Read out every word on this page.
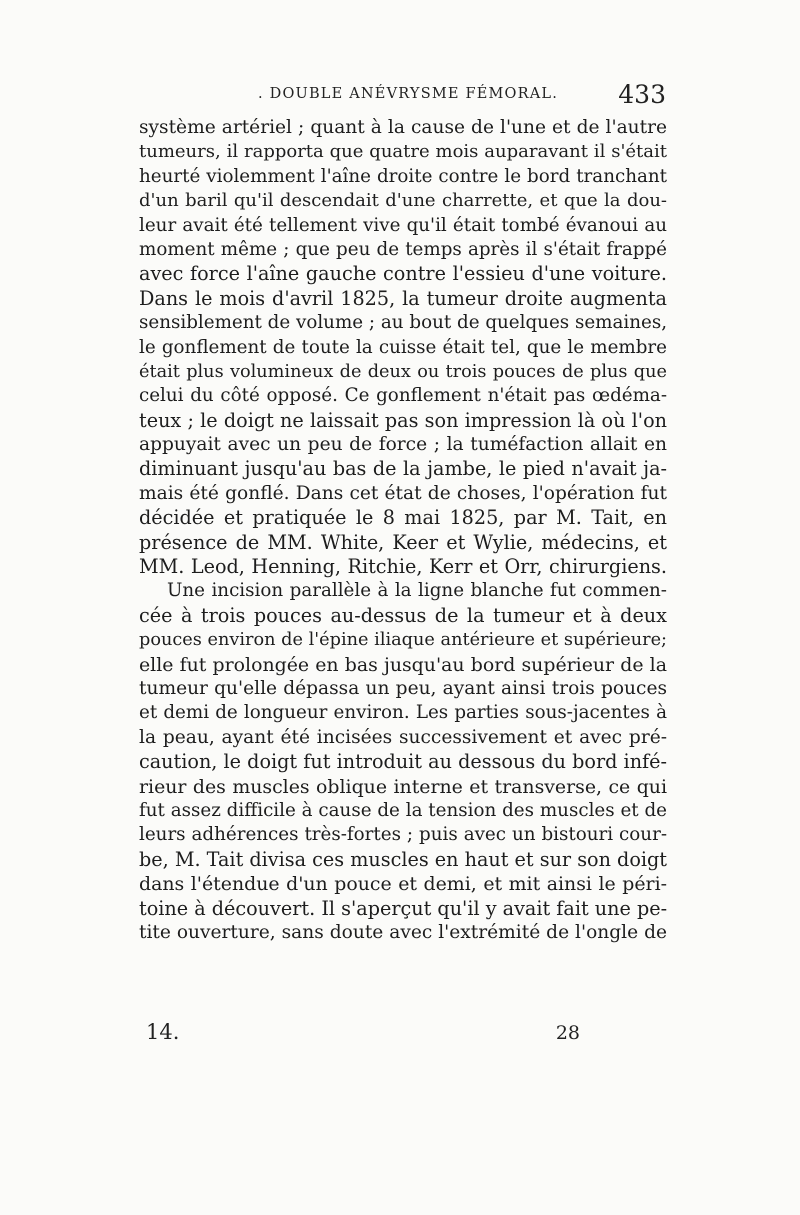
. DOUBLE ANÉVRYSME FÉMORAL. 433
système artériel ; quant à la cause de l'une et de l'autre
tumeurs, il rapporta que quatre mois auparavant il s'était
heurté violemment l'aîne droite contre le bord tranchant
d'un baril qu'il descendait d'une charrette, et que la dou-
leur avait été tellement vive qu'il était tombé évanoui au
moment même ; que peu de temps après il s'était frappé
avec force l'aîne gauche contre l'essieu d'une voiture.
Dans le mois d'avril 1825, la tumeur droite augmenta
sensiblement de volume ; au bout de quelques semaines,
le gonflement de toute la cuisse était tel, que le membre
était plus volumineux de deux ou trois pouces de plus que
celui du côté opposé. Ce gonflement n'était pas œdéma-
teux ; le doigt ne laissait pas son impression là où l'on
appuyait avec un peu de force ; la tuméfaction allait en
diminuant jusqu'au bas de la jambe, le pied n'avait ja-
mais été gonflé. Dans cet état de choses, l'opération fut
décidée et pratiquée le 8 mai 1825, par M. Tait, en
présence de MM. White, Keer et Wylie, médecins, et
MM. Leod, Henning, Ritchie, Kerr et Orr, chirurgiens.
Une incision parallèle à la ligne blanche fut commen-
cée à trois pouces au-dessus de la tumeur et à deux
pouces environ de l'épine iliaque antérieure et supérieure;
elle fut prolongée en bas jusqu'au bord supérieur de la
tumeur qu'elle dépassa un peu, ayant ainsi trois pouces
et demi de longueur environ. Les parties sous-jacentes à
la peau, ayant été incisées successivement et avec pré-
caution, le doigt fut introduit au dessous du bord infé-
rieur des muscles oblique interne et transverse, ce qui
fut assez difficile à cause de la tension des muscles et de
leurs adhérences très-fortes ; puis avec un bistouri cour-
be, M. Tait divisa ces muscles en haut et sur son doigt
dans l'étendue d'un pouce et demi, et mit ainsi le péri-
toine à découvert. Il s'aperçut qu'il y avait fait une pe-
tite ouverture, sans doute avec l'extrémité de l'ongle de
14.	28
